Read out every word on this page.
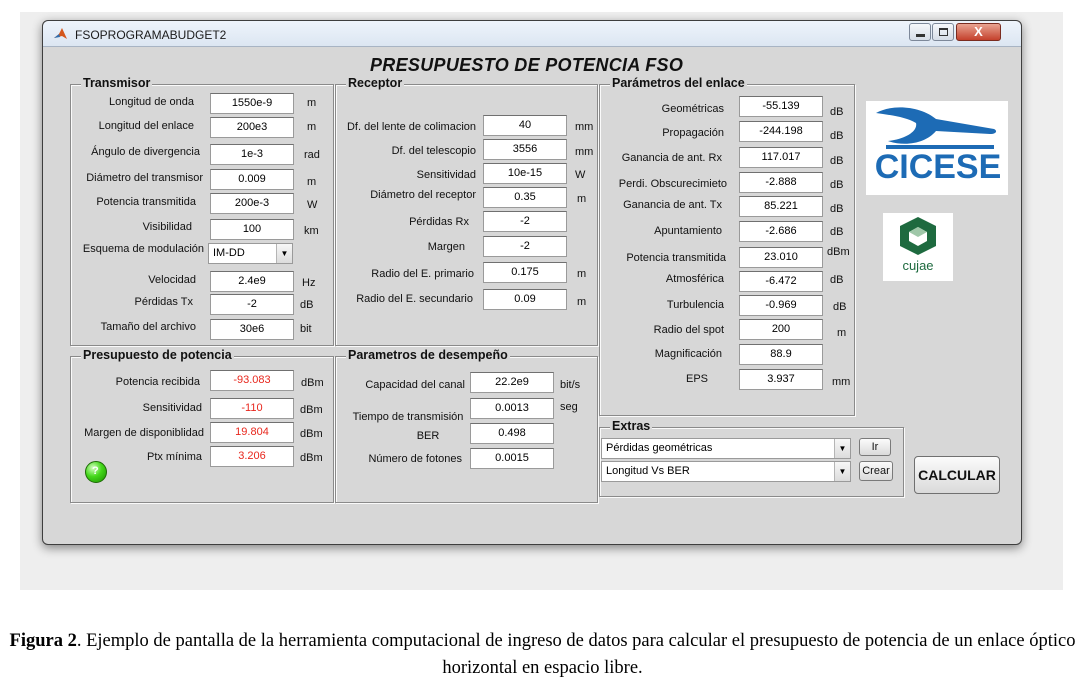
FSOPROGRAMABUDGET2	X
PRESUPUESTO DE POTENCIA FSO
Transmisor
Longitud de onda	1550e-9	m
Longitud del enlace	200e3	m
Ángulo de divergencia	1e-3	rad
Diámetro del transmisor	0.009	m
Potencia transmitida	200e-3	W
Visibilidad	100	km
Esquema de modulación IM-DD	▼
Velocidad	2.4e9	Hz
Pérdidas Tx	-2	dB
Tamaño del archivo	30e6	bit
Receptor
Df. del lente de colimacion	40	mm
Df. del telescopio	3556	mm
Sensitividad	10e-15	W
Diámetro del receptor	0.35	m
Pérdidas Rx	-2
Margen	-2
Radio del E. primario	0.175	m
Radio del E. secundario	0.09	m
Parámetros del enlace
Geométricas	-55.139	dB
Propagación	-244.198	dB
Ganancia de ant. Rx	117.017	dB
Perdi. Obscurecimieto	-2.888	dB
Ganancia de ant. Tx	85.221	dB
Apuntamiento	-2.686	dB
Potencia transmitida	23.010	dBm
Atmosférica	-6.472	dB
Turbulencia	-0.969	dB
Radio del spot	200	m
Magnificación	88.9
EPS	3.937	mm
Presupuesto de potencia
Potencia recibida	-93.083	dBm
Sensitividad	-110	dBm
Margen de disponiblidad	19.804	dBm
Ptx mínima	3.206	dBm
?
Parametros de desempeño
Capacidad del canal	22.2e9	bit/s
Tiempo de transmisión
0.0013	seg
BER	0.498
Número de fotones	0.0015
Extras
Pérdidas geométricas	▼	Ir
Longitud Vs BER	▼	Crear CALCULAR
CICESE
cujae
Figura 2. Ejemplo de pantalla de la herramienta computacional de ingreso de datos para calcular el presupuesto de potencia de un enlace óptico horizontal en espacio libre.
